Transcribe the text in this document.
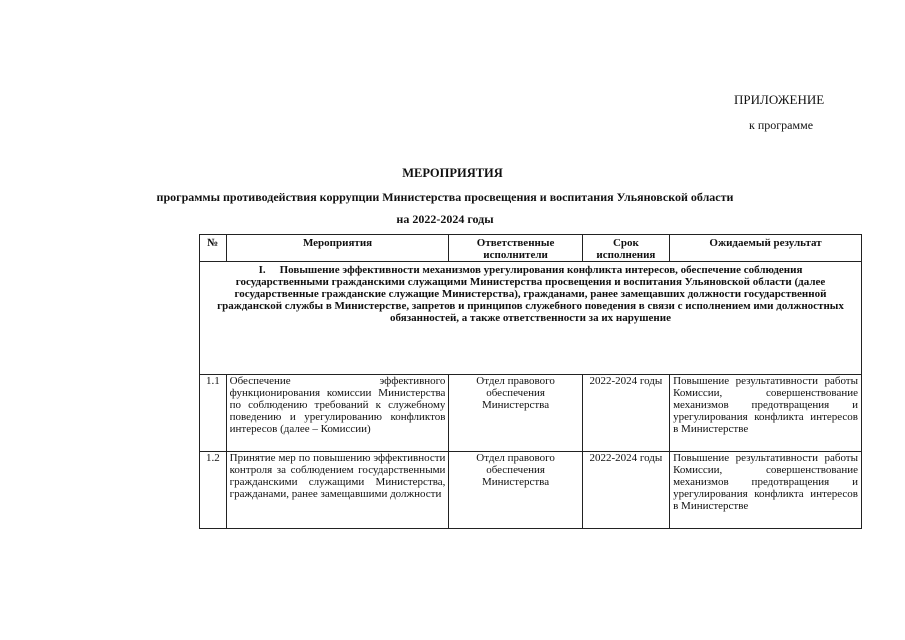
ПРИЛОЖЕНИЕ
к программе
МЕРОПРИЯТИЯ
программы противодействия коррупции Министерства просвещения и воспитания Ульяновской области
на 2022-2024 годы
№	Мероприятия	Ответственные исполнители	Срок исполнения	Ожидаемый результат

I. Повышение эффективности механизмов урегулирования конфликта интересов, обеспечение соблюдения государственными гражданскими служащими Министерства просвещения и воспитания Ульяновской области (далее государственные гражданские служащие Министерства), гражданами, ранее замещавших должности государственной гражданской службы в Министерстве, запретов и принципов служебного поведения в связи с исполнением ими должностных обязанностей, а также ответственности за их нарушение				

1.1	Обеспечение эффективного функционирования комиссии Министерства по соблюдению требований к служебному поведению и урегулированию конфликтов интересов (далее – Комиссии)	Отдел правового обеспечения Министерства	2022-2024 годы	Повышение результативности работы Комиссии, совершенствование механизмов предотвращения и урегулирования конфликта интересов в Министерстве

1.2	Принятие мер по повышению эффективности контроля за соблюдением государственными гражданскими служащими Министерства, гражданами, ранее замещавшими должности	Отдел правового обеспечения Министерства	2022-2024 годы	Повышение результативности работы Комиссии, совершенствование механизмов предотвращения и урегулирования конфликта интересов в Министерстве
